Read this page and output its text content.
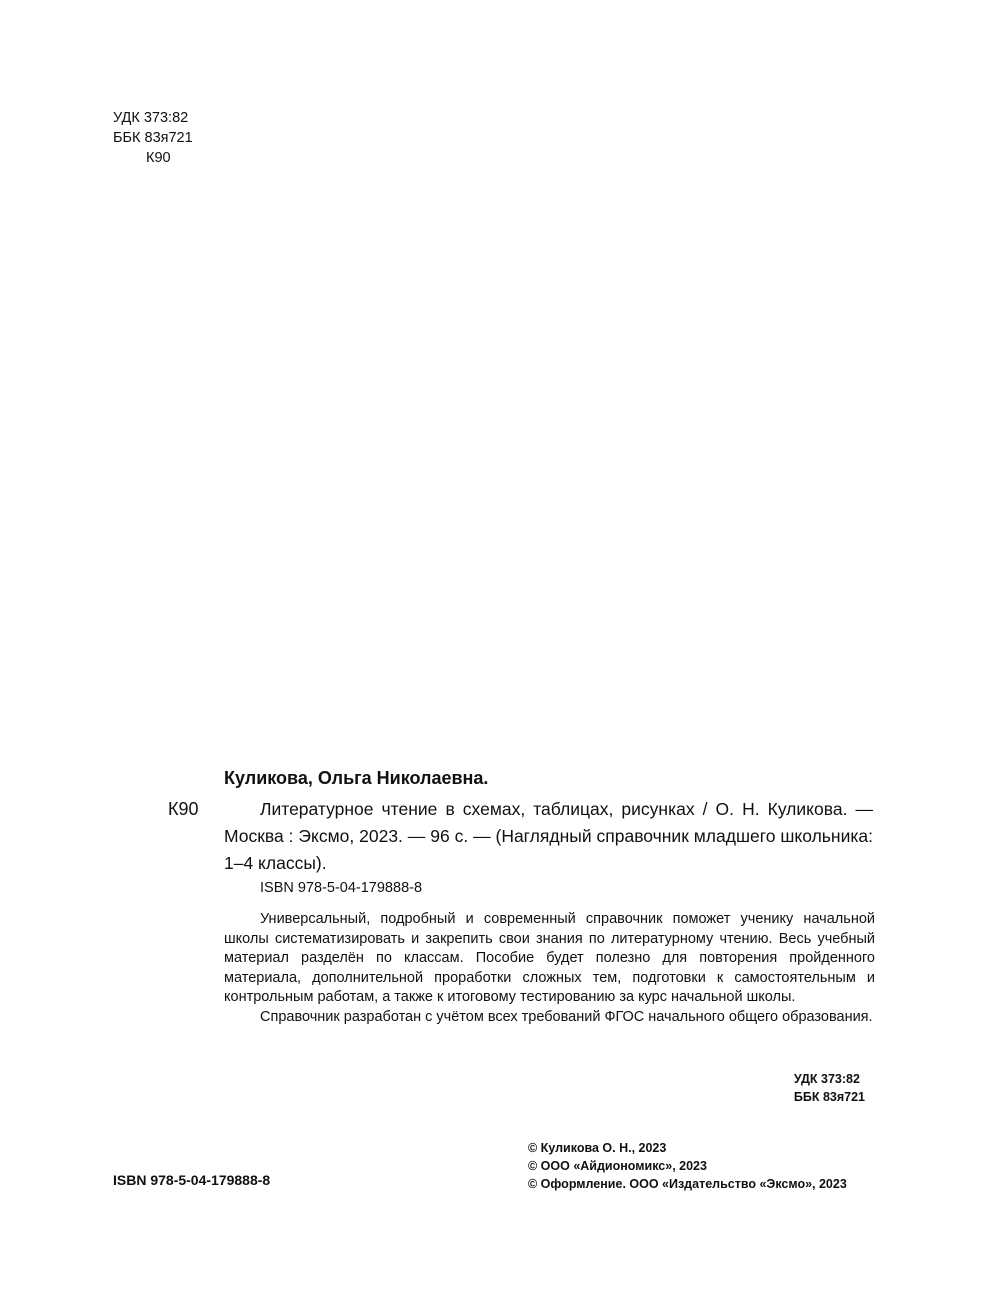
УДК 373:82
ББК 83я721
К90
Куликова, Ольга Николаевна.
К90	Литературное чтение в схемах, таблицах, рисунках / О. Н. Куликова. — Москва : Эксмо, 2023. — 96 с. — (Наглядный справочник младшего школьника: 1–4 классы).
ISBN 978-5-04-179888-8

Универсальный, подробный и современный справочник поможет ученику начальной школы систематизировать и закрепить свои знания по литературному чтению. Весь учебный материал разделён по классам. Пособие будет полезно для повторения пройденного материала, дополнительной проработки сложных тем, подготовки к самостоятельным и контрольным работам, а также к итоговому тестированию за курс начальной школы.

Справочник разработан с учётом всех требований ФГОС начального общего образования.

УДК 373:82
ББК 83я721
© Куликова О. Н., 2023
© ООО «Айдиономикс», 2023
© Оформление. ООО «Издательство «Эксмо», 2023
ISBN 978-5-04-179888-8
